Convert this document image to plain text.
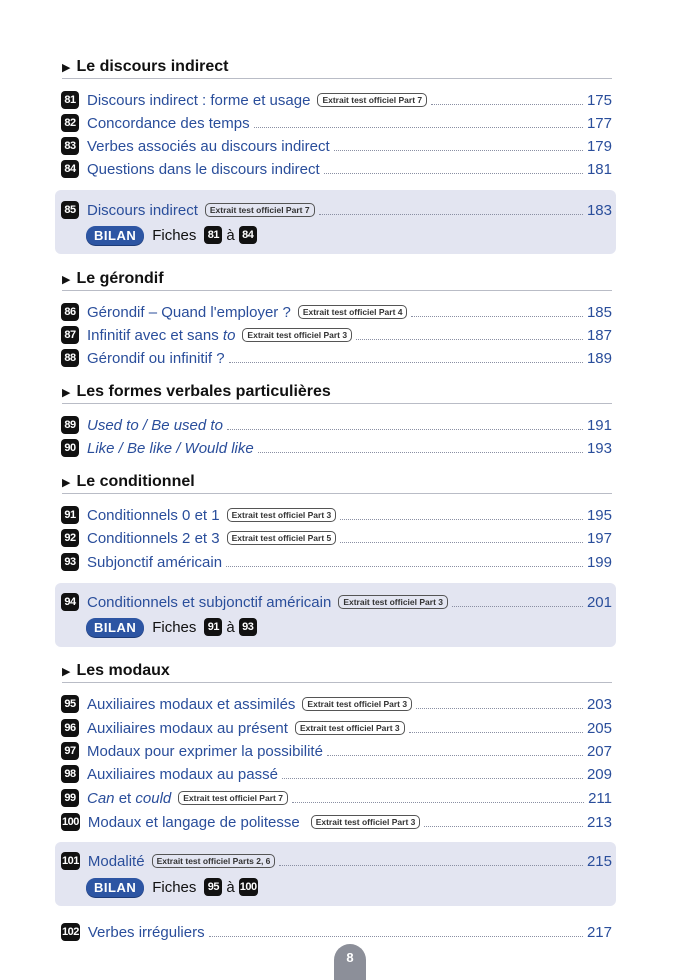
▶ Le discours indirect
81 Discours indirect : forme et usage	Extrait test officiel Part 7	175
82 Concordance des temps	177
83 Verbes associés au discours indirect	179
84 Questions dans le discours indirect	181
85 Discours indirect	Extrait test officiel Part 7	183
BILAN	Fiches	81 à 84
▶ Le gérondif
86 Gérondif – Quand l'employer ?	Extrait test officiel Part 4	185
87 Infinitif avec et sans to	Extrait test officiel Part 3	187
88 Gérondif ou infinitif ?	189
▶ Les formes verbales particulières
89 Used to / Be used to	191
90 Like / Be like / Would like	193
▶ Le conditionnel
91 Conditionnels 0 et 1	Extrait test officiel Part 3	195
92 Conditionnels 2 et 3	Extrait test officiel Part 5	197
93 Subjonctif américain	199
94 Conditionnels et subjonctif américain	Extrait test officiel Part 3	201
BILAN	Fiches	91 à 93
▶ Les modaux
95 Auxiliaires modaux et assimilés	Extrait test officiel Part 3	203
96 Auxiliaires modaux au présent	Extrait test officiel Part 3	205
97 Modaux pour exprimer la possibilité	207
98 Auxiliaires modaux au passé	209
99 Can et could	Extrait test officiel Part 7	211
100 Modaux et langage de politesse	Extrait test officiel Part 3	213
101 Modalité	Extrait test officiel Parts 2, 6	215
BILAN	Fiches	95 à 100
102 Verbes irréguliers	217
8
